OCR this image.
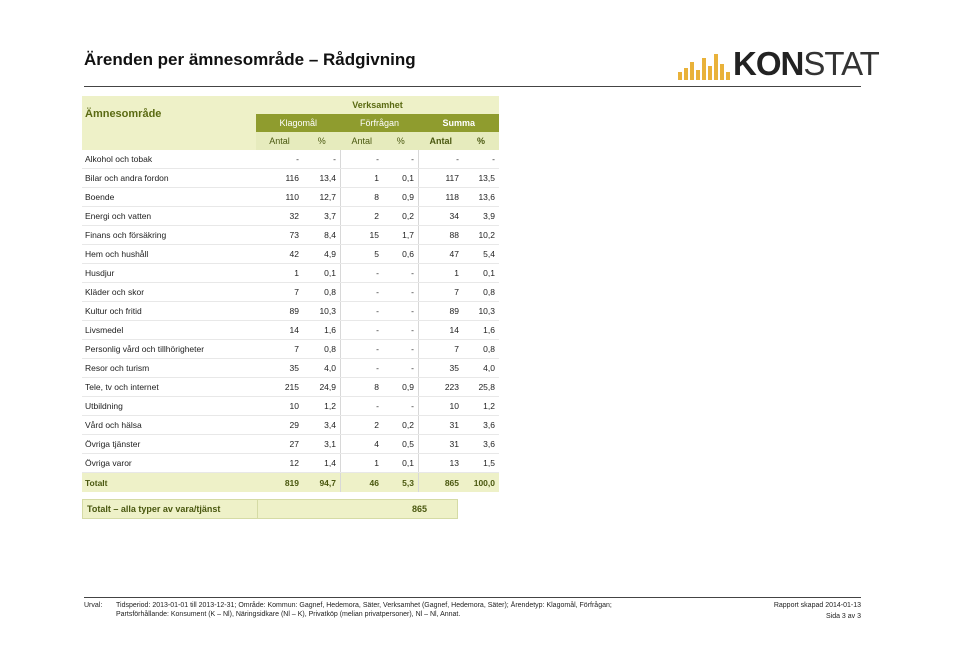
Ärenden per ämnesområde – Rådgivning	KONSTAT
Ämnesområde	Verksamhet					
	Klagomål		Förfrågan		Summa	
	Antal	%	Antal	%	Antal	%
Alkohol och tobak	-	-	-	-	-	-
Bilar och andra fordon	116	13,4	1	0,1	117	13,5
Boende	110	12,7	8	0,9	118	13,6
Energi och vatten	32	3,7	2	0,2	34	3,9
Finans och försäkring	73	8,4	15	1,7	88	10,2
Hem och hushåll	42	4,9	5	0,6	47	5,4
Husdjur	1	0,1	-	-	1	0,1
Kläder och skor	7	0,8	-	-	7	0,8
Kultur och fritid	89	10,3	-	-	89	10,3
Livsmedel	14	1,6	-	-	14	1,6
Personlig vård och tillhörigheter	7	0,8	-	-	7	0,8
Resor och turism	35	4,0	-	-	35	4,0
Tele, tv och internet	215	24,9	8	0,9	223	25,8
Utbildning	10	1,2	-	-	10	1,2
Vård och hälsa	29	3,4	2	0,2	31	3,6
Övriga tjänster	27	3,1	4	0,5	31	3,6
Övriga varor	12	1,4	1	0,1	13	1,5
Totalt	819	94,7	46	5,3	865	100,0
Totalt – alla typer av vara/tjänst	865
Urval: Tidsperiod: 2013-01-01 till 2013-12-31; Område: Kommun: Gagnef, Hedemora, Säter, Verksamhet (Gagnef, Hedemora, Säter); Ärendetyp: Klagomål, Förfrågan;
Partsförhållande: Konsument (K – Nl), Näringsidkare (Nl – K), Privatköp (melian privatpersoner), Nl – Nl, Annat.
Rapport skapad 2014-01-13
Sida 3 av 3
